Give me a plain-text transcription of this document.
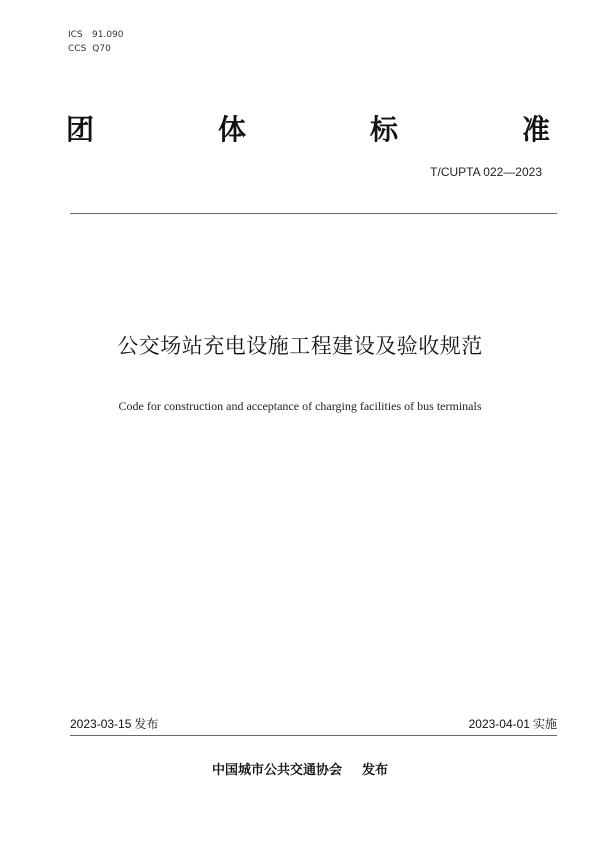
ICS	91.090
CCS Q70
团	体	标	准
T/CUPTA 022—2023
公交场站充电设施工程建设及验收规范
Code for construction and acceptance of charging facilities of bus terminals
2023-03-15 发布	2023-04-01 实施
中国城市公共交通协会 发布
